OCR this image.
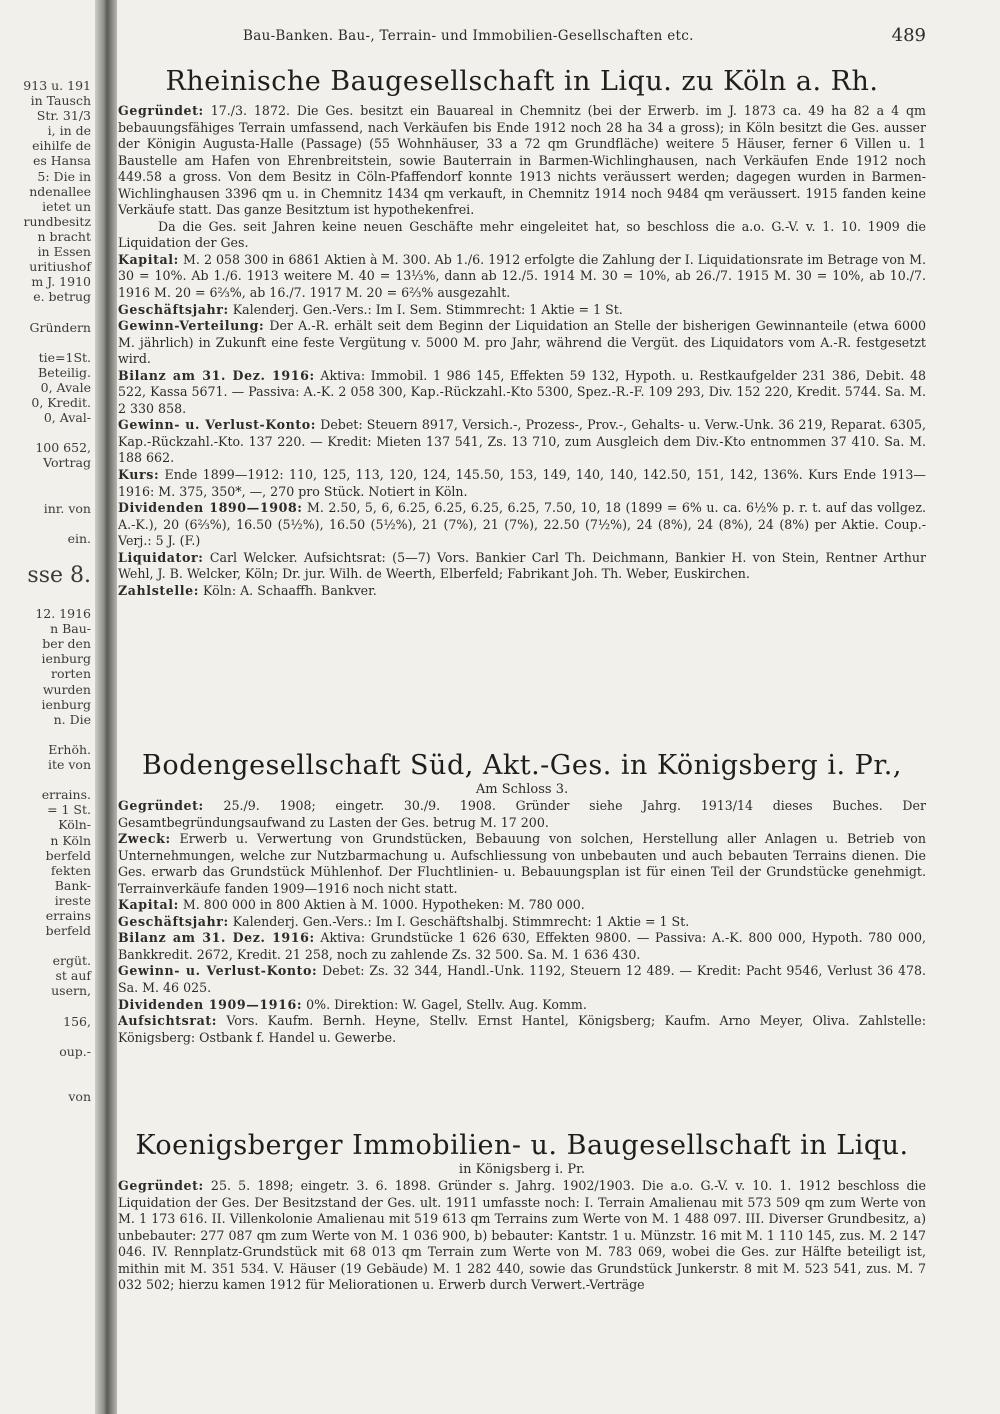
913 u. 191
in Tausch
Str. 31/3
i, in de
eihilfe de
es Hansa
5: Die in
ndenallee
ietet un
rundbesitz
n bracht
in Essen
uritiushof
m J. 1910
e. betrug

Gründern

tie=1St.
Beteilig.
0, Avale
0, Kredit.
0, Aval-

100 652,
Vortrag

inr. von

ein.

sse 8.

12. 1916
n Bau-
ber den
ienburg
rorten
wurden
ienburg
n. Die

Erhöh.
ite von

errains.
= 1 St.
Köln-
n Köln
berfeld
fekten
Bank-
ireste
errains
berfeld

ergüt.
st auf
usern,

156,

oup.-

von
Bau-Banken. Bau-, Terrain- und Immobilien-Gesellschaften etc.	489
Rheinische Baugesellschaft in Liqu. zu Köln a. Rh.

Gegründet: 17./3. 1872. Die Ges. besitzt ein Bauareal in Chemnitz (bei der Erwerb. im J. 1873 ca. 49 ha 82 a 4 qm bebauungsfähiges Terrain umfassend, nach Verkäufen bis Ende 1912 noch 28 ha 34 a gross); in Köln besitzt die Ges. ausser der Königin Augusta-Halle (Passage) (55 Wohnhäuser, 33 a 72 qm Grundfläche) weitere 5 Häuser, ferner 6 Villen u. 1 Baustelle am Hafen von Ehrenbreitstein, sowie Bauterrain in Barmen-Wichlinghausen, nach Verkäufen Ende 1912 noch 449.58 a gross. Von dem Besitz in Cöln-Pfaffendorf konnte 1913 nichts veräussert werden; dagegen wurden in Barmen-Wichlinghausen 3396 qm u. in Chemnitz 1434 qm verkauft, in Chemnitz 1914 noch 9484 qm veräussert. 1915 fanden keine Verkäufe statt. Das ganze Besitztum ist hypothekenfrei.

Da die Ges. seit Jahren keine neuen Geschäfte mehr eingeleitet hat, so beschloss die a.o. G.-V. v. 1. 10. 1909 die Liquidation der Ges.

Kapital: M. 2 058 300 in 6861 Aktien à M. 300. Ab 1./6. 1912 erfolgte die Zahlung der I. Liquidationsrate im Betrage von M. 30 = 10%. Ab 1./6. 1913 weitere M. 40 = 13⅓%, dann ab 12./5. 1914 M. 30 = 10%, ab 26./7. 1915 M. 30 = 10%, ab 10./7. 1916 M. 20 = 6⅔%, ab 16./7. 1917 M. 20 = 6⅔% ausgezahlt.

Geschäftsjahr: Kalenderj. Gen.-Vers.: Im I. Sem. Stimmrecht: 1 Aktie = 1 St.

Gewinn-Verteilung: Der A.-R. erhält seit dem Beginn der Liquidation an Stelle der bisherigen Gewinnanteile (etwa 6000 M. jährlich) in Zukunft eine feste Vergütung v. 5000 M. pro Jahr, während die Vergüt. des Liquidators vom A.-R. festgesetzt wird.

Bilanz am 31. Dez. 1916: Aktiva: Immobil. 1 986 145, Effekten 59 132, Hypoth. u. Restkaufgelder 231 386, Debit. 48 522, Kassa 5671. — Passiva: A.-K. 2 058 300, Kap.-Rückzahl.-Kto 5300, Spez.-R.-F. 109 293, Div. 152 220, Kredit. 5744. Sa. M. 2 330 858.

Gewinn- u. Verlust-Konto: Debet: Steuern 8917, Versich.-, Prozess-, Prov.-, Gehalts- u. Verw.-Unk. 36 219, Reparat. 6305, Kap.-Rückzahl.-Kto. 137 220. — Kredit: Mieten 137 541, Zs. 13 710, zum Ausgleich dem Div.-Kto entnommen 37 410. Sa. M. 188 662.

Kurs: Ende 1899—1912: 110, 125, 113, 120, 124, 145.50, 153, 149, 140, 140, 142.50, 151, 142, 136%. Kurs Ende 1913—1916: M. 375, 350*, —, 270 pro Stück. Notiert in Köln.

Dividenden 1890—1908: M. 2.50, 5, 6, 6.25, 6.25, 6.25, 6.25, 7.50, 10, 18 (1899 = 6% u. ca. 6½% p. r. t. auf das vollgez. A.-K.), 20 (6⅔%), 16.50 (5½%), 16.50 (5½%), 21 (7%), 21 (7%), 22.50 (7½%), 24 (8%), 24 (8%), 24 (8%) per Aktie. Coup.-Verj.: 5 J. (F.)

Liquidator: Carl Welcker. Aufsichtsrat: (5—7) Vors. Bankier Carl Th. Deichmann, Bankier H. von Stein, Rentner Arthur Wehl, J. B. Welcker, Köln; Dr. jur. Wilh. de Weerth, Elberfeld; Fabrikant Joh. Th. Weber, Euskirchen.

Zahlstelle: Köln: A. Schaaffh. Bankver.

Bodengesellschaft Süd, Akt.-Ges. in Königsberg i. Pr.,
Am Schloss 3.

Gegründet: 25./9. 1908; eingetr. 30./9. 1908. Gründer siehe Jahrg. 1913/14 dieses Buches. Der Gesamtbegründungsaufwand zu Lasten der Ges. betrug M. 17 200.

Zweck: Erwerb u. Verwertung von Grundstücken, Bebauung von solchen, Herstellung aller Anlagen u. Betrieb von Unternehmungen, welche zur Nutzbarmachung u. Aufschliessung von unbebauten und auch bebauten Terrains dienen. Die Ges. erwarb das Grundstück Mühlenhof. Der Fluchtlinien- u. Bebauungsplan ist für einen Teil der Grundstücke genehmigt. Terrainverkäufe fanden 1909—1916 noch nicht statt.

Kapital: M. 800 000 in 800 Aktien à M. 1000. Hypotheken: M. 780 000.

Geschäftsjahr: Kalenderj. Gen.-Vers.: Im I. Geschäftshalbj. Stimmrecht: 1 Aktie = 1 St.

Bilanz am 31. Dez. 1916: Aktiva: Grundstücke 1 626 630, Effekten 9800. — Passiva: A.-K. 800 000, Hypoth. 780 000, Bankkredit. 2672, Kredit. 21 258, noch zu zahlende Zs. 32 500. Sa. M. 1 636 430.

Gewinn- u. Verlust-Konto: Debet: Zs. 32 344, Handl.-Unk. 1192, Steuern 12 489. — Kredit: Pacht 9546, Verlust 36 478. Sa. M. 46 025.

Dividenden 1909—1916: 0%. Direktion: W. Gagel, Stellv. Aug. Komm.

Aufsichtsrat: Vors. Kaufm. Bernh. Heyne, Stellv. Ernst Hantel, Königsberg; Kaufm. Arno Meyer, Oliva. Zahlstelle: Königsberg: Ostbank f. Handel u. Gewerbe.

Koenigsberger Immobilien- u. Baugesellschaft in Liqu.
in Königsberg i. Pr.

Gegründet: 25. 5. 1898; eingetr. 3. 6. 1898. Gründer s. Jahrg. 1902/1903. Die a.o. G.-V. v. 10. 1. 1912 beschloss die Liquidation der Ges. Der Besitzstand der Ges. ult. 1911 umfasste noch: I. Terrain Amalienau mit 573 509 qm zum Werte von M. 1 173 616. II. Villenkolonie Amalienau mit 519 613 qm Terrains zum Werte von M. 1 488 097. III. Diverser Grundbesitz, a) unbebauter: 277 087 qm zum Werte von M. 1 036 900, b) bebauter: Kantstr. 1 u. Münzstr. 16 mit M. 1 110 145, zus. M. 2 147 046. IV. Rennplatz-Grundstück mit 68 013 qm Terrain zum Werte von M. 783 069, wobei die Ges. zur Hälfte beteiligt ist, mithin mit M. 351 534. V. Häuser (19 Gebäude) M. 1 282 440, sowie das Grundstück Junkerstr. 8 mit M. 523 541, zus. M. 7 032 502; hierzu kamen 1912 für Meliorationen u. Erwerb durch Verwert.-Verträge
